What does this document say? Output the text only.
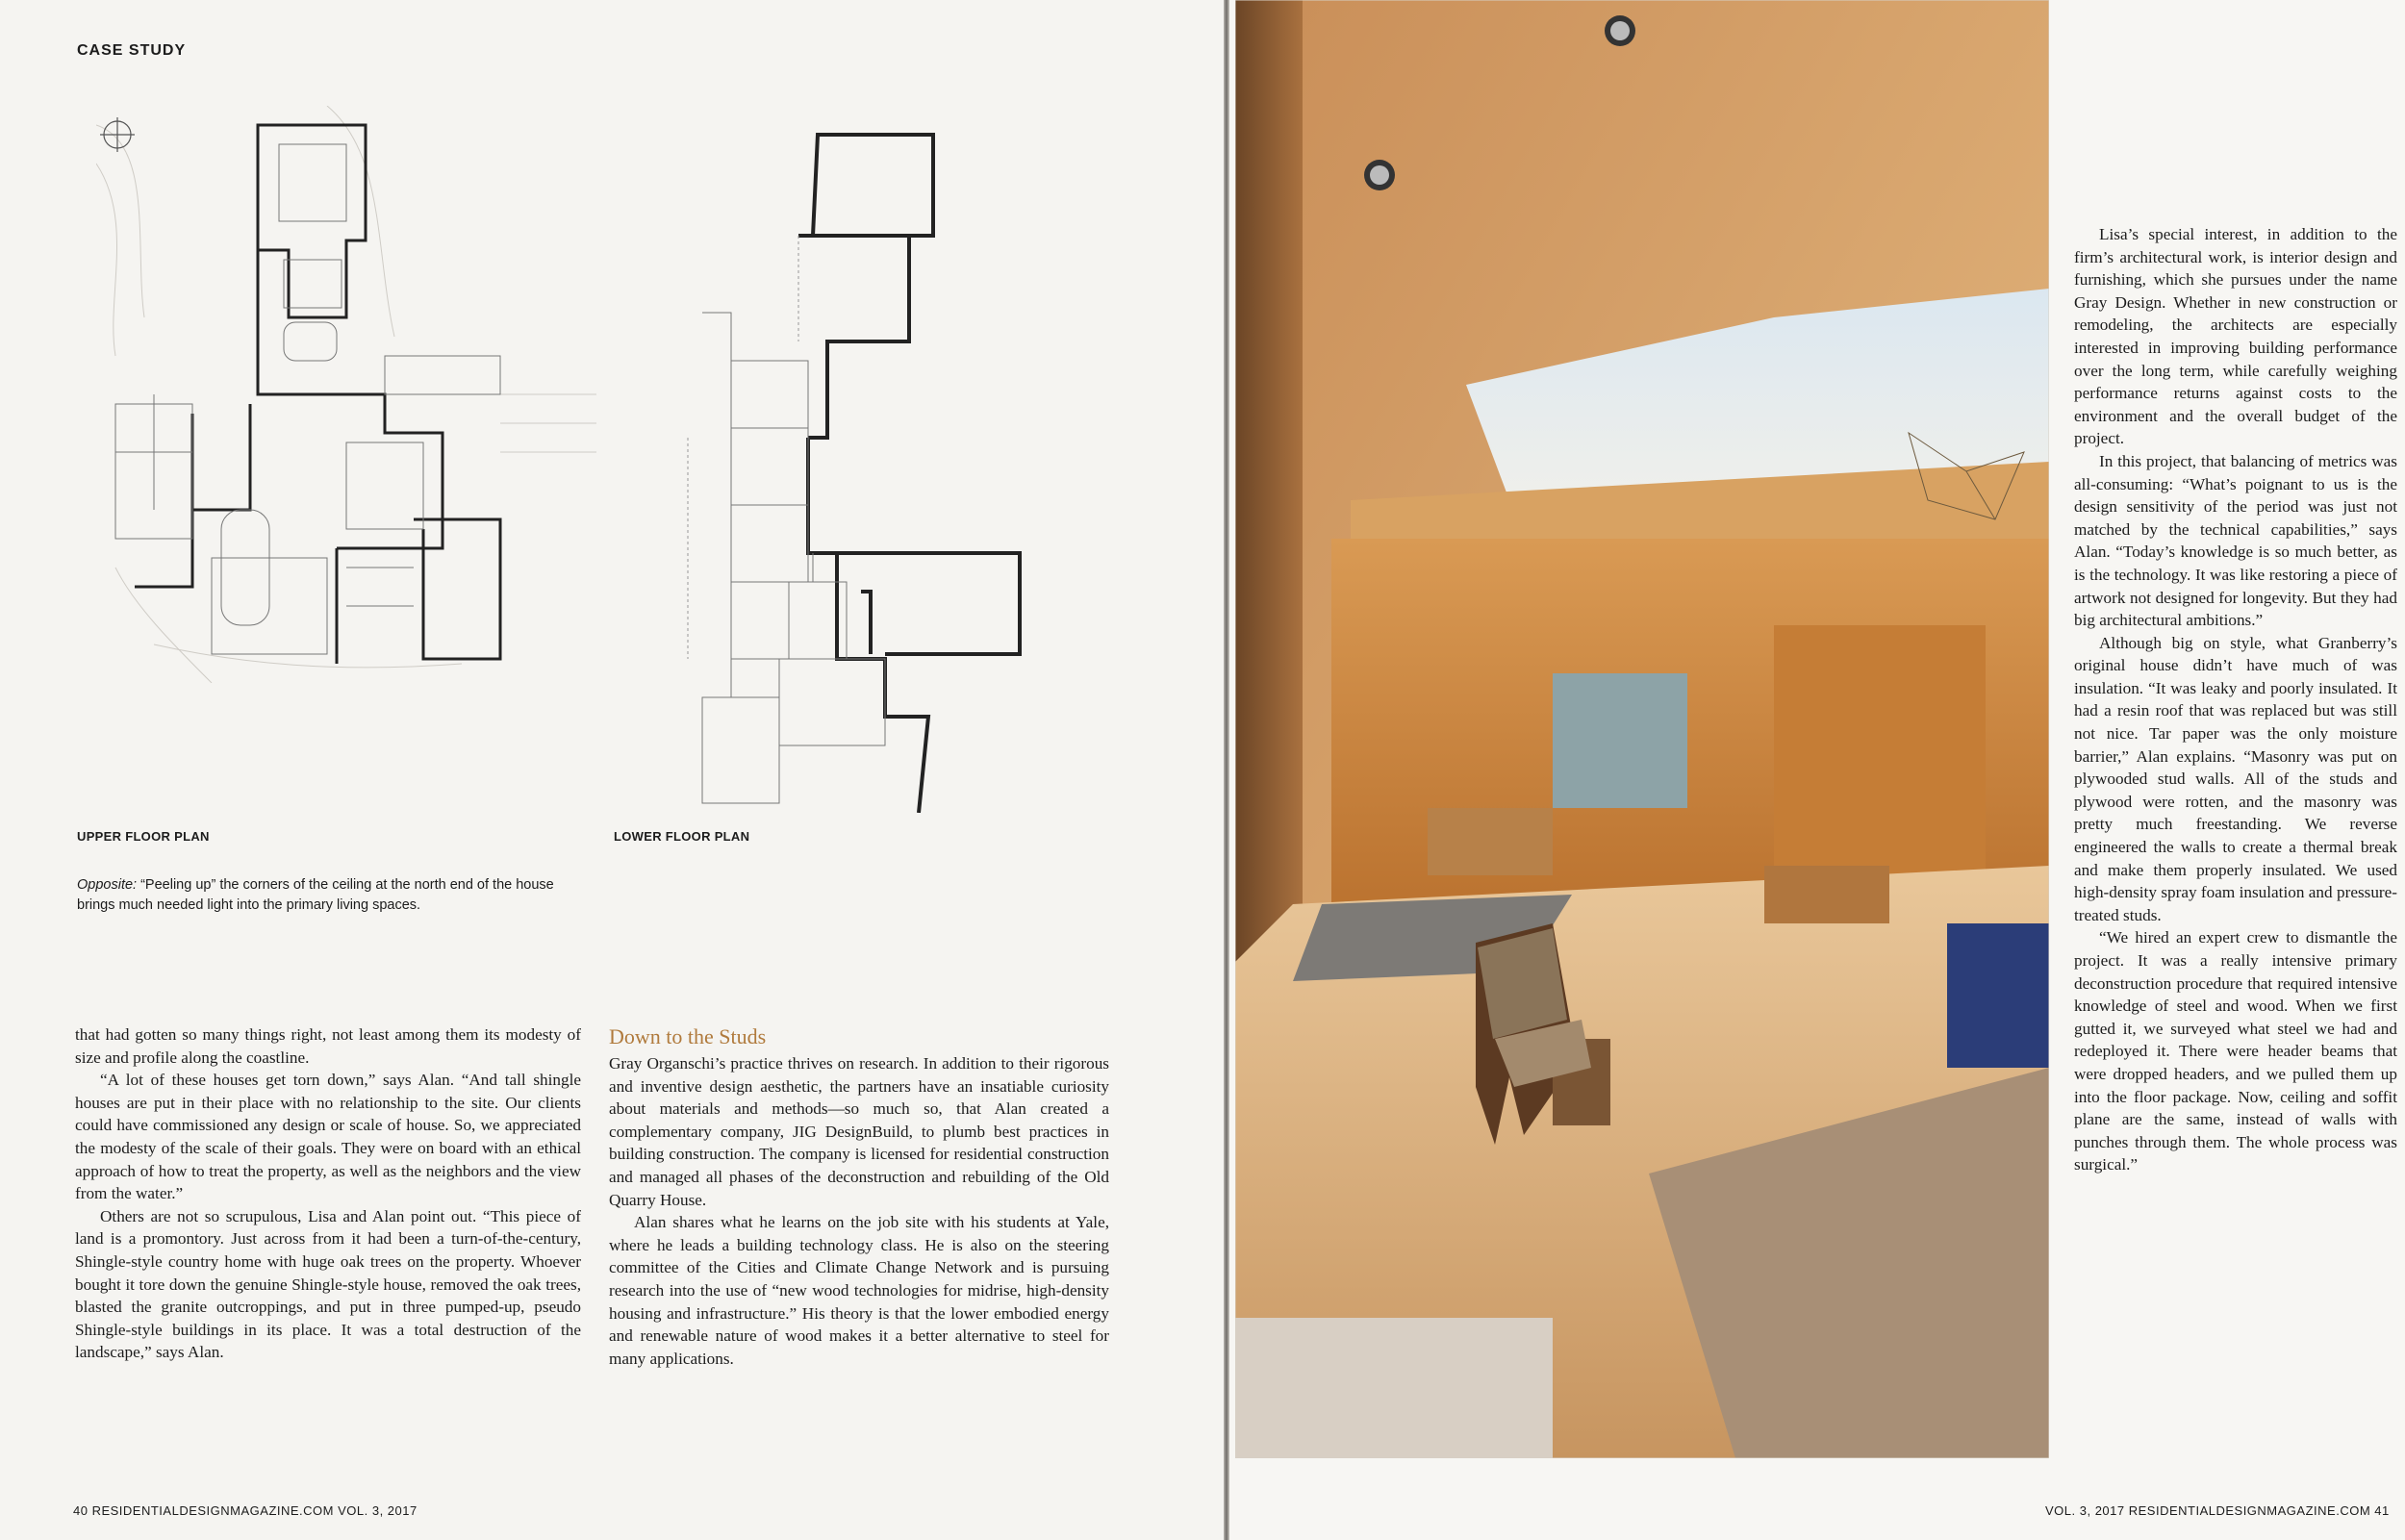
CASE STUDY
UPPER FLOOR PLAN	LOWER FLOOR PLAN
Opposite: “Peeling up” the corners of the ceiling at the north end of the house brings much needed light into the primary living spaces.

that had gotten so many things right, not least among them its modesty of size and profile along the coastline.

“A lot of these houses get torn down,” says Alan. “And tall shingle houses are put in their place with no relationship to the site. Our clients could have commissioned any design or scale of house. So, we appreciated the modesty of the scale of their goals. They were on board with an ethical approach of how to treat the property, as well as the neighbors and the view from the water.”

Others are not so scrupulous, Lisa and Alan point out. “This piece of land is a promontory. Just across from it had been a turn-of-the-century, Shingle-style country home with huge oak trees on the property. Whoever bought it tore down the genuine Shingle-style house, removed the oak trees, blasted the granite outcroppings, and put in three pumped-up, pseudo Shingle-style buildings in its place. It was a total destruction of the landscape,” says Alan.

Down to the Studs

Gray Organschi’s practice thrives on research. In addition to their rigorous and inventive design aesthetic, the partners have an insatiable curiosity about materials and methods—so much so, that Alan created a complementary company, JIG DesignBuild, to plumb best practices in building construction. The company is licensed for residential construction and managed all phases of the deconstruction and rebuilding of the Old Quarry House.

Alan shares what he learns on the job site with his students at Yale, where he leads a building technology class. He is also on the steering committee of the Cities and Climate Change Network and is pursuing research into the use of “new wood technologies for midrise, high-density housing and infrastructure.” His theory is that the lower embodied energy and renewable nature of wood makes it a better alternative to steel for many applications.

40 RESIDENTIALDESIGNMAGAZINE.COM VOL. 3, 2017

Lisa’s special interest, in addition to the firm’s architectural work, is interior design and furnishing, which she pursues under the name Gray Design. Whether in new construction or remodeling, the architects are especially interested in improving building performance over the long term, while carefully weighing performance returns against costs to the environment and the overall budget of the project.

In this project, that balancing of metrics was all-consuming: “What’s poignant to us is the design sensitivity of the period was just not matched by the technical capabilities,” says Alan. “Today’s knowledge is so much better, as is the technology. It was like restoring a piece of artwork not designed for longevity. But they had big architectural ambitions.”

Although big on style, what Granberry’s original house didn’t have much of was insulation. “It was leaky and poorly insulated. It had a resin roof that was replaced but was still not nice. Tar paper was the only moisture barrier,” Alan explains. “Masonry was put on plywooded stud walls. All of the studs and plywood were rotten, and the masonry was pretty much freestanding. We reverse engineered the walls to create a thermal break and make them properly insulated. We used high-density spray foam insulation and pressure-treated studs.

“We hired an expert crew to dismantle the project. It was a really intensive primary deconstruction procedure that required intensive knowledge of steel and wood. When we first gutted it, we surveyed what steel we had and redeployed it. There were header beams that were dropped headers, and we pulled them up into the floor package. Now, ceiling and soffit plane are the same, instead of walls with punches through them. The whole process was surgical.”

VOL. 3, 2017 RESIDENTIALDESIGNMAGAZINE.COM 41
